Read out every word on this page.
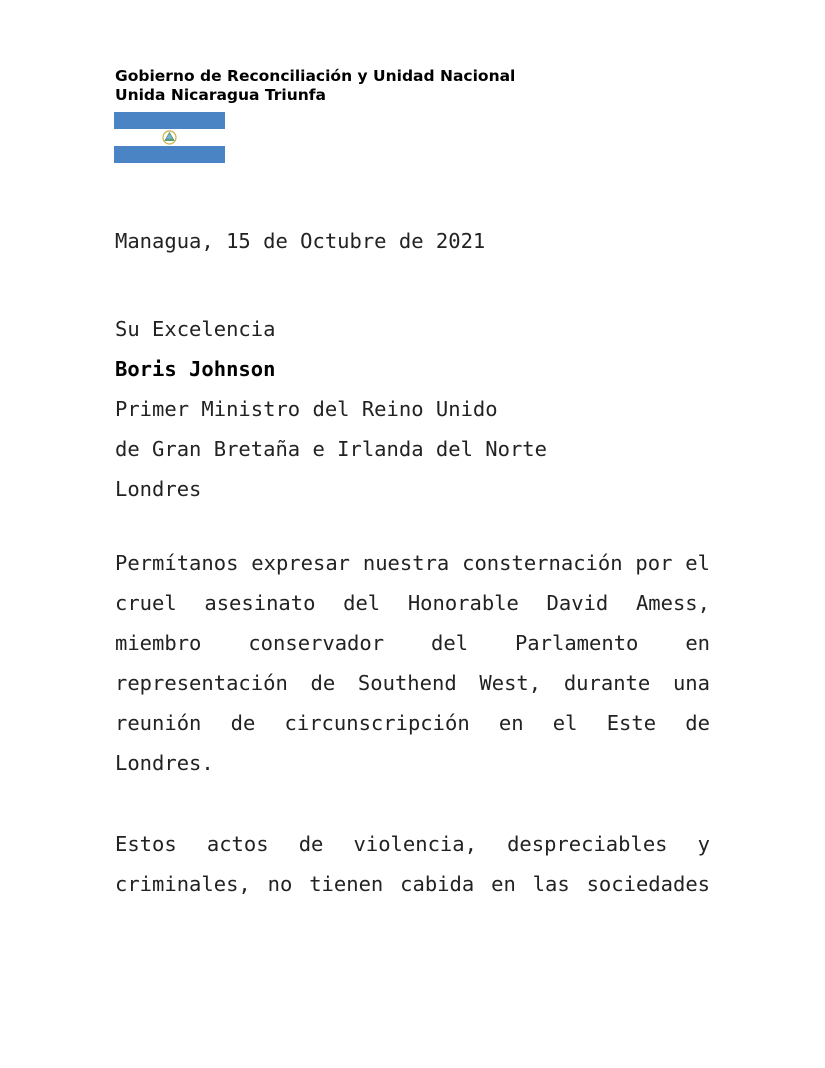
Gobierno de Reconciliación y Unidad Nacional
Unida Nicaragua Triunfa
Managua, 15 de Octubre de 2021
Su Excelencia
Boris Johnson
Primer Ministro del Reino Unido
de Gran Bretaña e Irlanda del Norte
Londres

Permítanos expresar nuestra consternación por el cruel asesinato del Honorable David Amess, miembro conservador del Parlamento en representación de Southend West, durante una reunión de circunscripción en el Este de Londres.

Estos actos de violencia, despreciables y criminales, no tienen cabida en las sociedades
